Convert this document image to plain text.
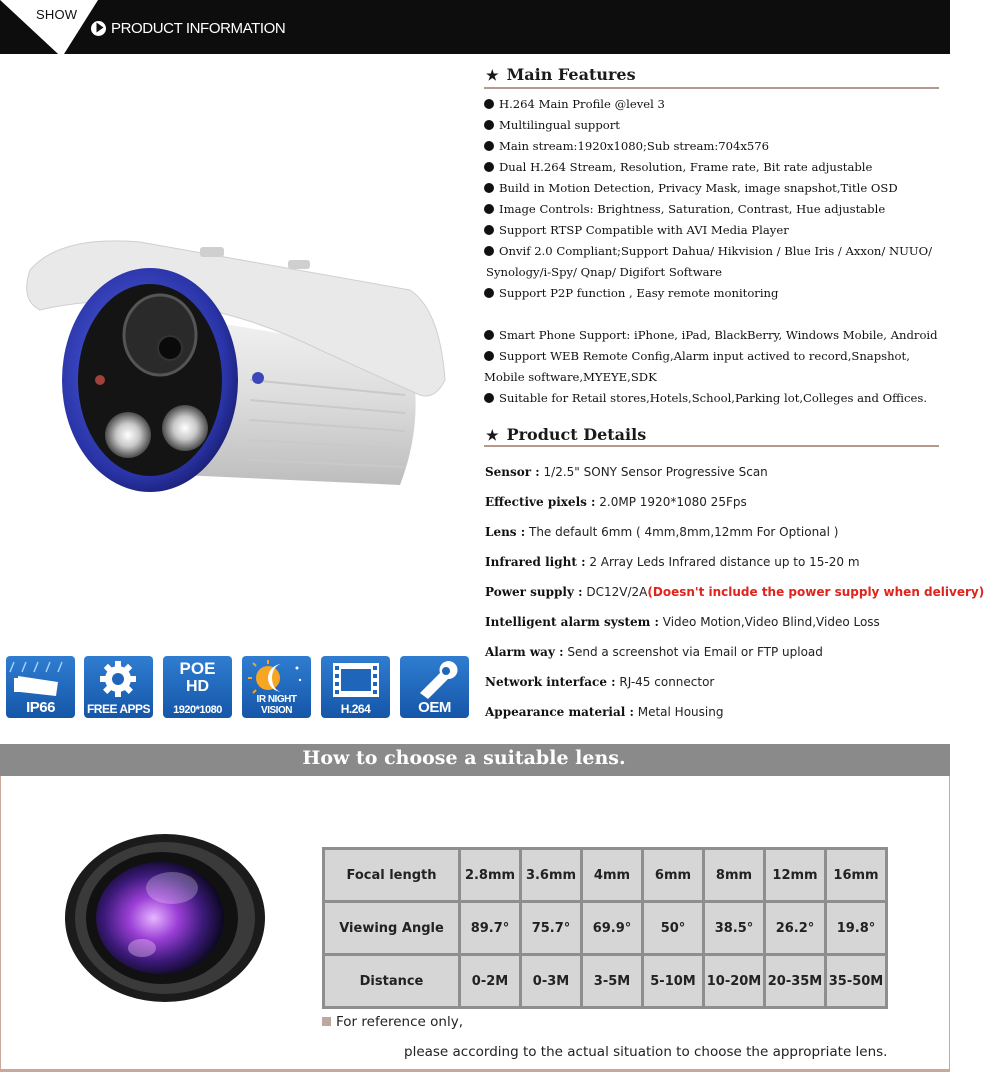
SHOW
PRODUCT INFORMATION
IP66	FREE APPS
POE
HD
1920*1080
IR NIGHT VISION	H.264	OEM
★ Main Features
H.264 Main Profile @level 3
Multilingual support
Main stream:1920x1080;Sub stream:704x576
Dual H.264 Stream, Resolution, Frame rate, Bit rate adjustable
Build in Motion Detection, Privacy Mask, image snapshot,Title OSD
Image Controls: Brightness, Saturation, Contrast, Hue adjustable
Support RTSP Compatible with AVI Media Player
Onvif 2.0 Compliant;Support Dahua/ Hikvision / Blue Iris / Axxon/ NUUO/
Synology/i-Spy/ Qnap/ Digifort Software
Support P2P function , Easy remote monitoring
Smart Phone Support: iPhone, iPad, BlackBerry, Windows Mobile, Android
Support WEB Remote Config,Alarm input actived to record,Snapshot,
Mobile software,MYEYE,SDK
Suitable for Retail stores,Hotels,School,Parking lot,Colleges and Offices.
★ Product Details
Sensor : 1/2.5" SONY Sensor Progressive Scan
Effective pixels : 2.0MP 1920*1080 25Fps
Lens : The default 6mm ( 4mm,8mm,12mm For Optional )
Infrared light : 2 Array Leds Infrared distance up to 15-20 m
Power supply : DC12V/2A(Doesn't include the power supply when delivery)
Intelligent alarm system : Video Motion,Video Blind,Video Loss
Alarm way : Send a screenshot via Email or FTP upload
Network interface : RJ-45 connector
Appearance material : Metal Housing
How to choose a suitable lens.
Focal length	2.8mm	3.6mm	4mm	6mm	8mm	12mm	16mm
Viewing Angle	89.7°	75.7°	69.9°	50°	38.5°	26.2°	19.8°
Distance	0-2M	0-3M	3-5M	5-10M	10-20M	20-35M	35-50M
For reference only,
please according to the actual situation to choose the appropriate lens.
